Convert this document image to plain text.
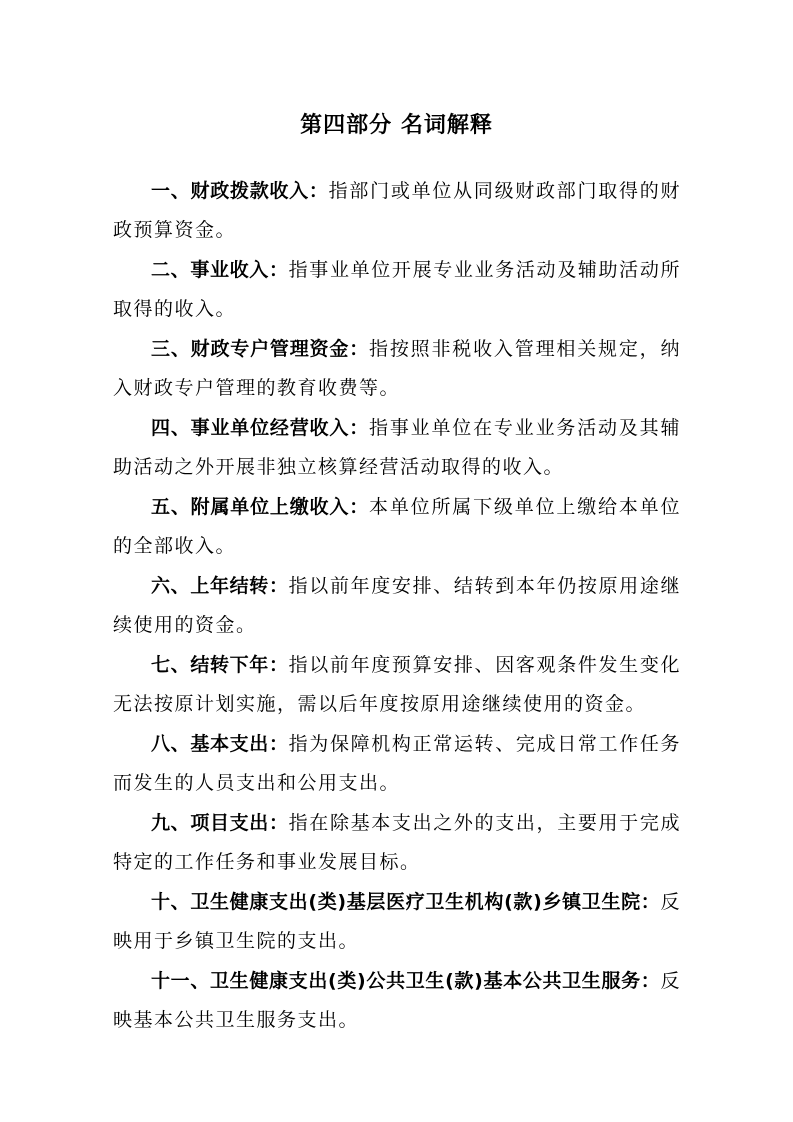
第四部分 名词解释

一、财政拨款收入：指部门或单位从同级财政部门取得的财政预算资金。

二、事业收入：指事业单位开展专业业务活动及辅助活动所取得的收入。

三、财政专户管理资金：指按照非税收入管理相关规定，纳入财政专户管理的教育收费等。

四、事业单位经营收入：指事业单位在专业业务活动及其辅助活动之外开展非独立核算经营活动取得的收入。

五、附属单位上缴收入：本单位所属下级单位上缴给本单位的全部收入。

六、上年结转：指以前年度安排、结转到本年仍按原用途继续使用的资金。

七、结转下年：指以前年度预算安排、因客观条件发生变化无法按原计划实施，需以后年度按原用途继续使用的资金。

八、基本支出：指为保障机构正常运转、完成日常工作任务而发生的人员支出和公用支出。

九、项目支出：指在除基本支出之外的支出，主要用于完成特定的工作任务和事业发展目标。

十、卫生健康支出(类)基层医疗卫生机构(款)乡镇卫生院：反映用于乡镇卫生院的支出。

十一、卫生健康支出(类)公共卫生(款)基本公共卫生服务：反映基本公共卫生服务支出。
